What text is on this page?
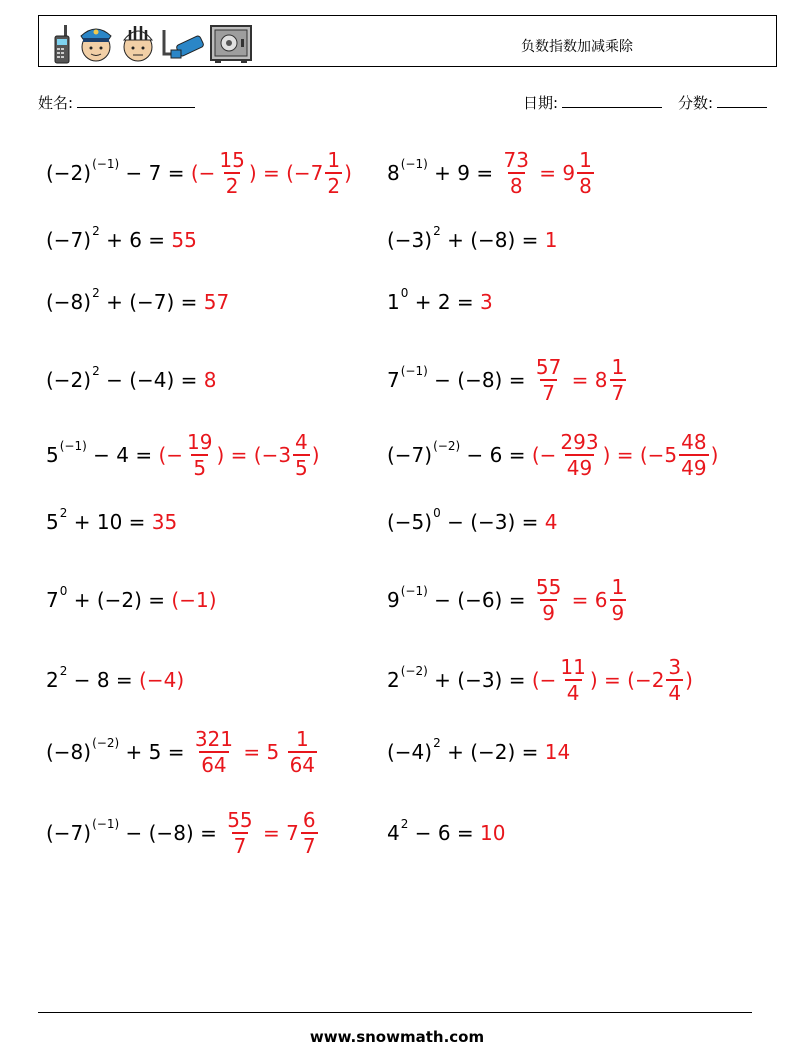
负数指数加减乘除
姓名:	日期:	分数:
(−2) (−1) − 7 = (− $\frac{15}{2}$ ) = ($-7 \frac{1}{2}$ )
(−7) 2 + 6 = 55
(−8) 2 + (−7) = 57
(−2) 2 − (−4) = 8
5 (−1) − 4 = (− $\frac{19}{5}$ ) = ($-3 \frac{4}{5}$ )
5 2 + 10 = 35
7 0 + (−2) = (−1)
2 2 − 8 = (−4)
(−8) $(-2) + 5 = \frac{321}{64} = 5 \frac{1}{64}$
(−7) $(-1) - (-8) = \frac{55}{7} = 7 \frac{6}{7}$
8 $(-1) + 9 = \frac{73}{8} = 9 \frac{1}{8}$
(−3) 2 + (−8) = 1
1 0 + 2 = 3
7 $(-1) - (-8) = \frac{57}{7} = 8 \frac{1}{7}$
(−7) (−2) − 6 = (− $\frac{293}{49}$ ) = ($-5 \frac{48}{49}$ )
(−5) 0 − (−3) = 4
9 $(-1) - (-6) = \frac{55}{9} = 6 \frac{1}{9}$
2 (−2) + (−3) = (− $\frac{11}{4}$ ) = ($-2 \frac{3}{4}$ )
(−4) 2 + (−2) = 14
4 2 − 6 = 10
www.snowmath.com
